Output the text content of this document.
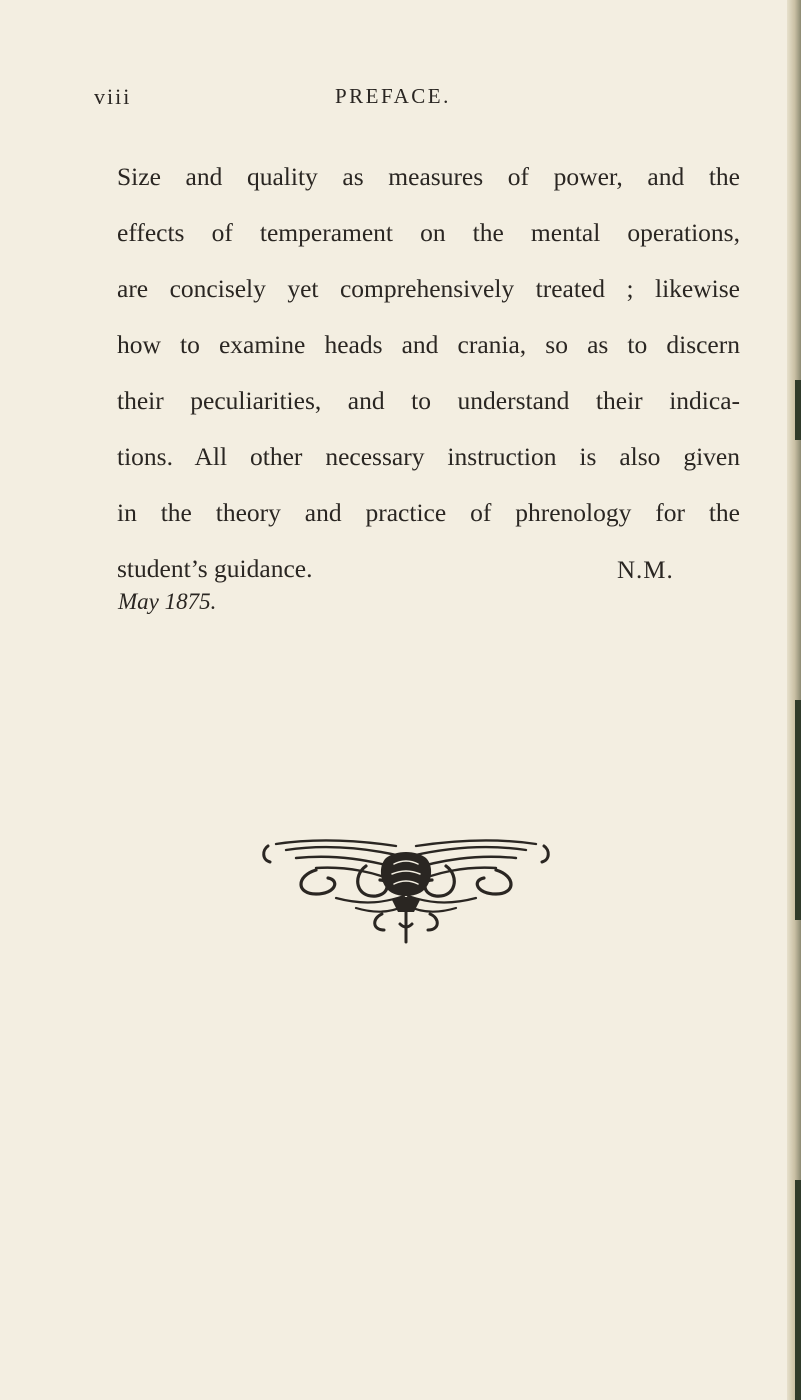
viii	PREFACE.
Size and quality as measures of power, and the
effects of temperament on the mental operations,
are concisely yet comprehensively treated ; likewise
how to examine heads and crania, so as to discern
their peculiarities, and to understand their indica-
tions. All other necessary instruction is also given
in the theory and practice of phrenology for the
student’s guidance.	N.M.
May 1875.
